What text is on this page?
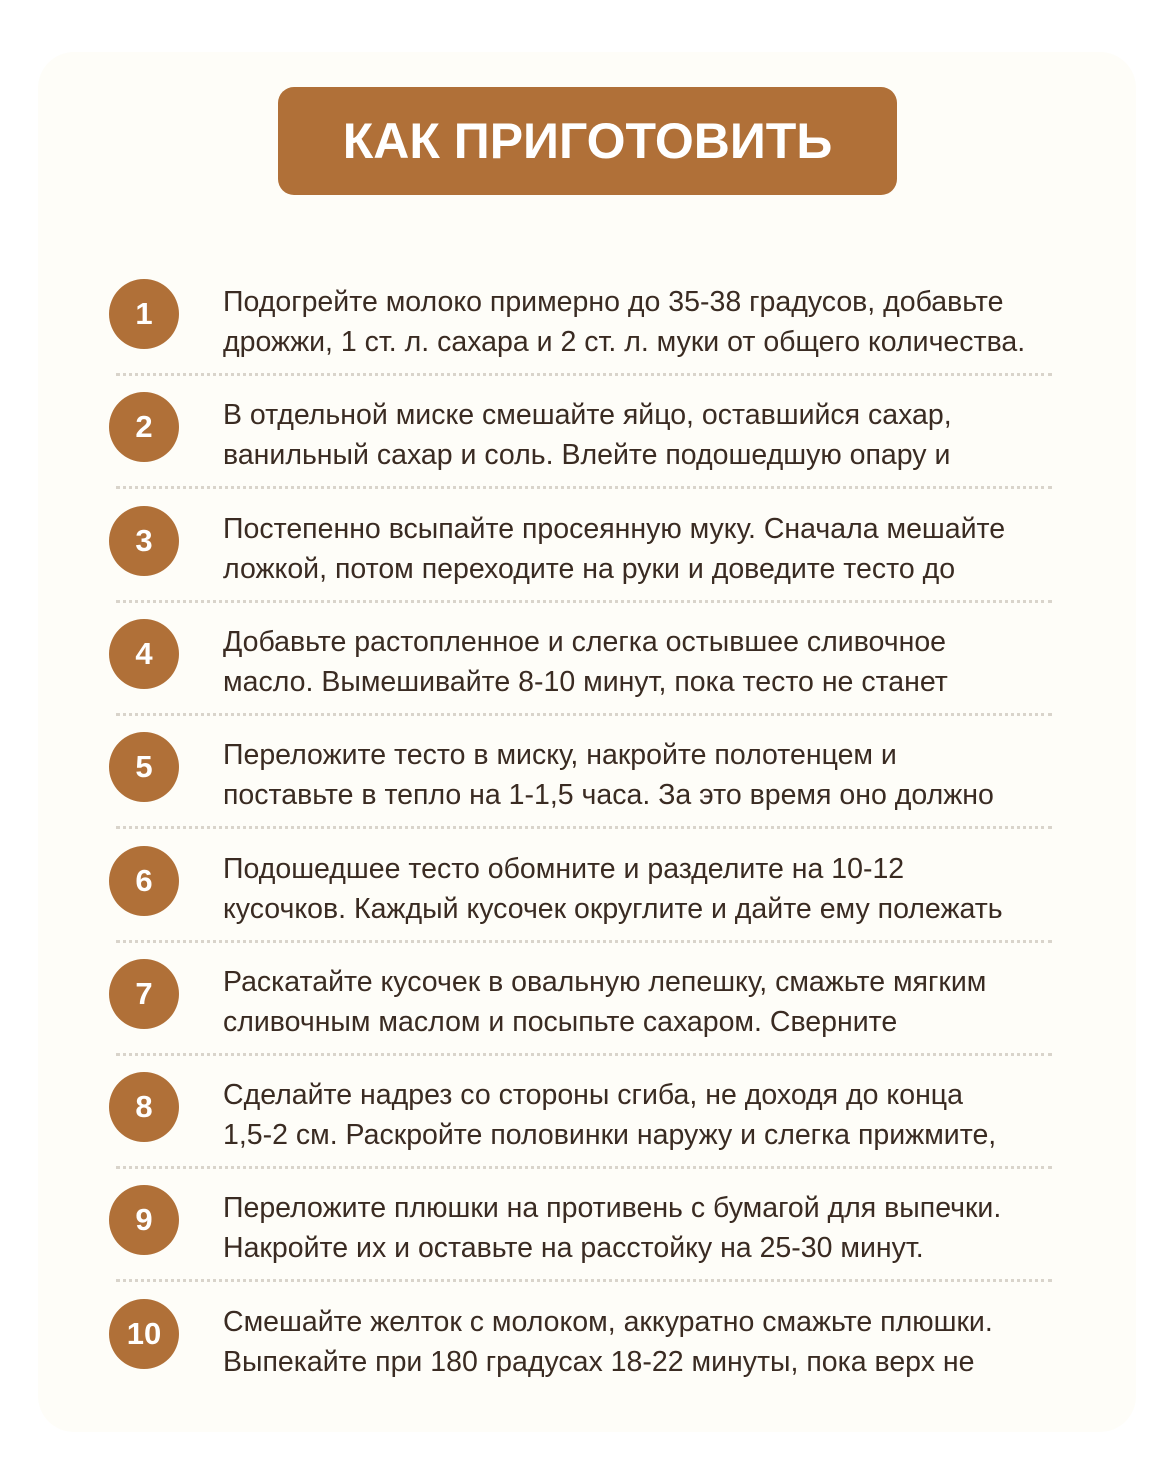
КАК ПРИГОТОВИТЬ
1	Подогрейте молоко примерно до 35-38 градусов, добавьте
дрожжи, 1 ст. л. сахара и 2 ст. л. муки от общего количества.
2	В отдельной миске смешайте яйцо, оставшийся сахар,
ванильный сахар и соль. Влейте подошедшую опару и
3	Постепенно всыпайте просеянную муку. Сначала мешайте
ложкой, потом переходите на руки и доведите тесто до
4	Добавьте растопленное и слегка остывшее сливочное
масло. Вымешивайте 8-10 минут, пока тесто не станет
5	Переложите тесто в миску, накройте полотенцем и
поставьте в тепло на 1-1,5 часа. За это время оно должно
6	Подошедшее тесто обомните и разделите на 10-12
кусочков. Каждый кусочек округлите и дайте ему полежать
7	Раскатайте кусочек в овальную лепешку, смажьте мягким
сливочным маслом и посыпьте сахаром. Сверните
8	Сделайте надрез со стороны сгиба, не доходя до конца
1,5-2 см. Раскройте половинки наружу и слегка прижмите,
9	Переложите плюшки на противень с бумагой для выпечки.
Накройте их и оставьте на расстойку на 25-30 минут.
10	Смешайте желток с молоком, аккуратно смажьте плюшки.
Выпекайте при 180 градусах 18-22 минуты, пока верх не
